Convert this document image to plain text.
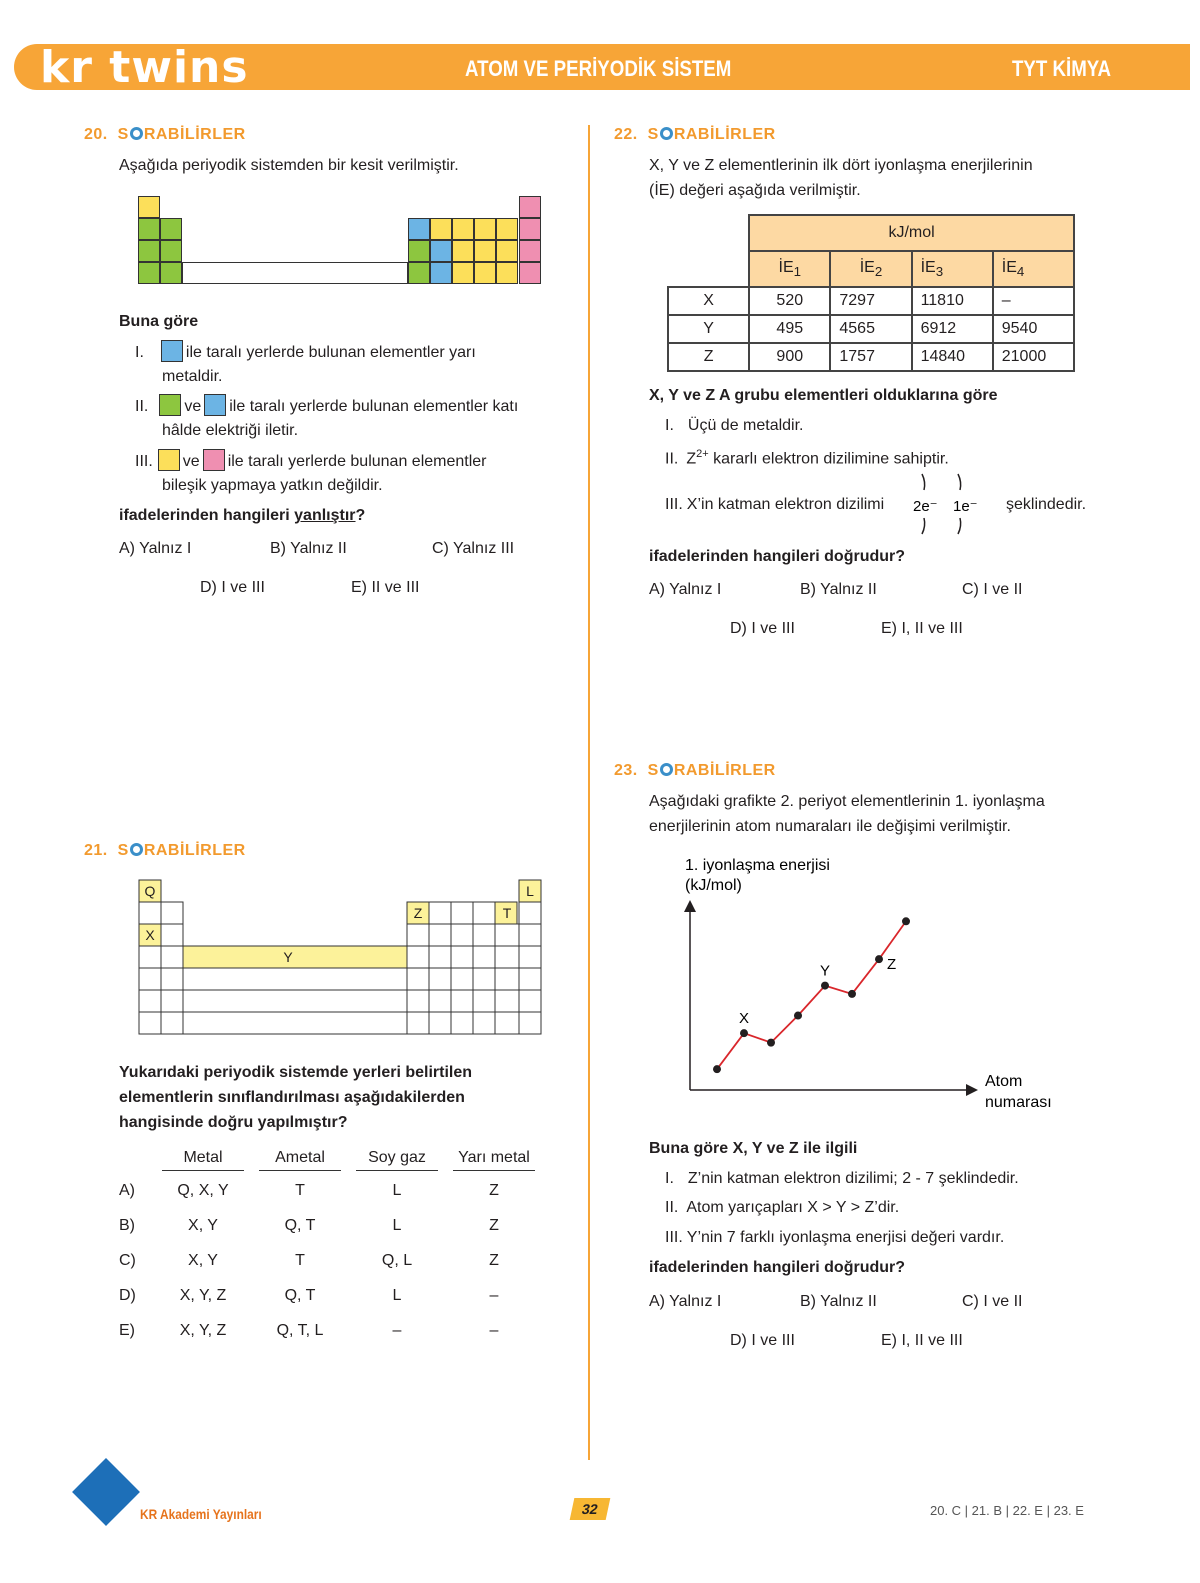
kr twins	ATOM VE PERİYODİK SİSTEM	TYT KİMYA
20. S RABİLİRLER
Aşağıda periyodik sistemden bir kesit verilmiştir.
Buna göre
I.	ile taralı yerlerde bulunan elementler yarı
metaldir.
II. ve ile taralı yerlerde bulunan elementler katı
hâlde elektriği iletir.
III. ve ile taralı yerlerde bulunan elementler
bileşik yapmaya yatkın değildir.
ifadelerinden hangileri yanlıştır?
A) Yalnız I	B) Yalnız II	C) Yalnız III
D) I ve III	E) II ve III
21. S RABİLİRLER
Q	L
X
Y
Z	T
Yukarıdaki periyodik sistemde yerleri belirtilen
elementlerin sınıflandırılması aşağıdakilerden
hangisinde doğru yapılmıştır?
Metal	Ametal	Soy gaz	Yarı metal
A)	Q, X, Y	T	L	Z
B)	X, Y	Q, T	L	Z
C)	X, Y	T	Q, L	Z
D)	X, Y, Z	Q, T	L	–
E)	X, Y, Z	Q, T, L	–	–
22. S RABİLİRLER
X, Y ve Z elementlerinin ilk dört iyonlaşma enerjilerinin
(İE) değeri aşağıda verilmiştir.
	kJ/mol			
	$İE_1$	$İE_2$	$İE_3$	$İE_4$
X	520	7297	11810	–
Y	495	4565	6912	9540
Z	900	1757	14840	21000
X, Y ve Z A grubu elementleri olduklarına göre
I. Üçü de metaldir.
II. $Z^{2+}$ kararlı elektron dizilimine sahiptir.
III. X’in katman elektron dizilimi 2e⁻ 1e⁻ şeklindedir.
ifadelerinden hangileri doğrudur?
A) Yalnız I	B) Yalnız II	C) I ve II
D) I ve III	E) I, II ve III
23. S RABİLİRLER
Aşağıdaki grafikte 2. periyot elementlerinin 1. iyonlaşma
enerjilerinin atom numaraları ile değişimi verilmiştir.
1. iyonlaşma enerjisi
(kJ/mol)
Atom
numarası
X
Y	Z
Buna göre X, Y ve Z ile ilgili
I. Z’nin katman elektron dizilimi; 2 - 7 şeklindedir.
II. Atom yarıçapları X > Y > Z’dir.
III. Y’nin 7 farklı iyonlaşma enerjisi değeri vardır.
ifadelerinden hangileri doğrudur?
A) Yalnız I	B) Yalnız II	C) I ve II
D) I ve III	E) I, II ve III
KR Akademi Yayınları	32	20. C | 21. B | 22. E | 23. E
